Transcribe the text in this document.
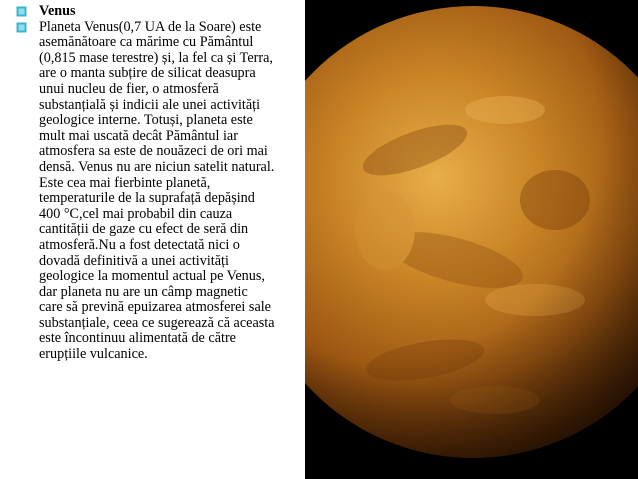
Venus
Planeta Venus(0,7 UA de la Soare) este
asemănătoare ca mărime cu Pământul
(0,815 mase terestre) și, la fel ca și Terra,
are o manta subțire de silicat deasupra
unui nucleu de fier, o atmosferă
substanțială și indicii ale unei activități
geologice interne. Totuși, planeta este
mult mai uscată decât Pământul iar
atmosfera sa este de nouăzeci de ori mai
densă. Venus nu are niciun satelit natural.
Este cea mai fierbinte planetă,
temperaturile de la suprafață depășind
400 °C,cel mai probabil din cauza
cantității de gaze cu efect de seră din
atmosferă.Nu a fost detectată nici o
dovadă definitivă a unei activități
geologice la momentul actual pe Venus,
dar planeta nu are un câmp magnetic
care să prevină epuizarea atmosferei sale
substanțiale, ceea ce sugerează că aceasta
este încontinuu alimentată de către
erupțiile vulcanice.
